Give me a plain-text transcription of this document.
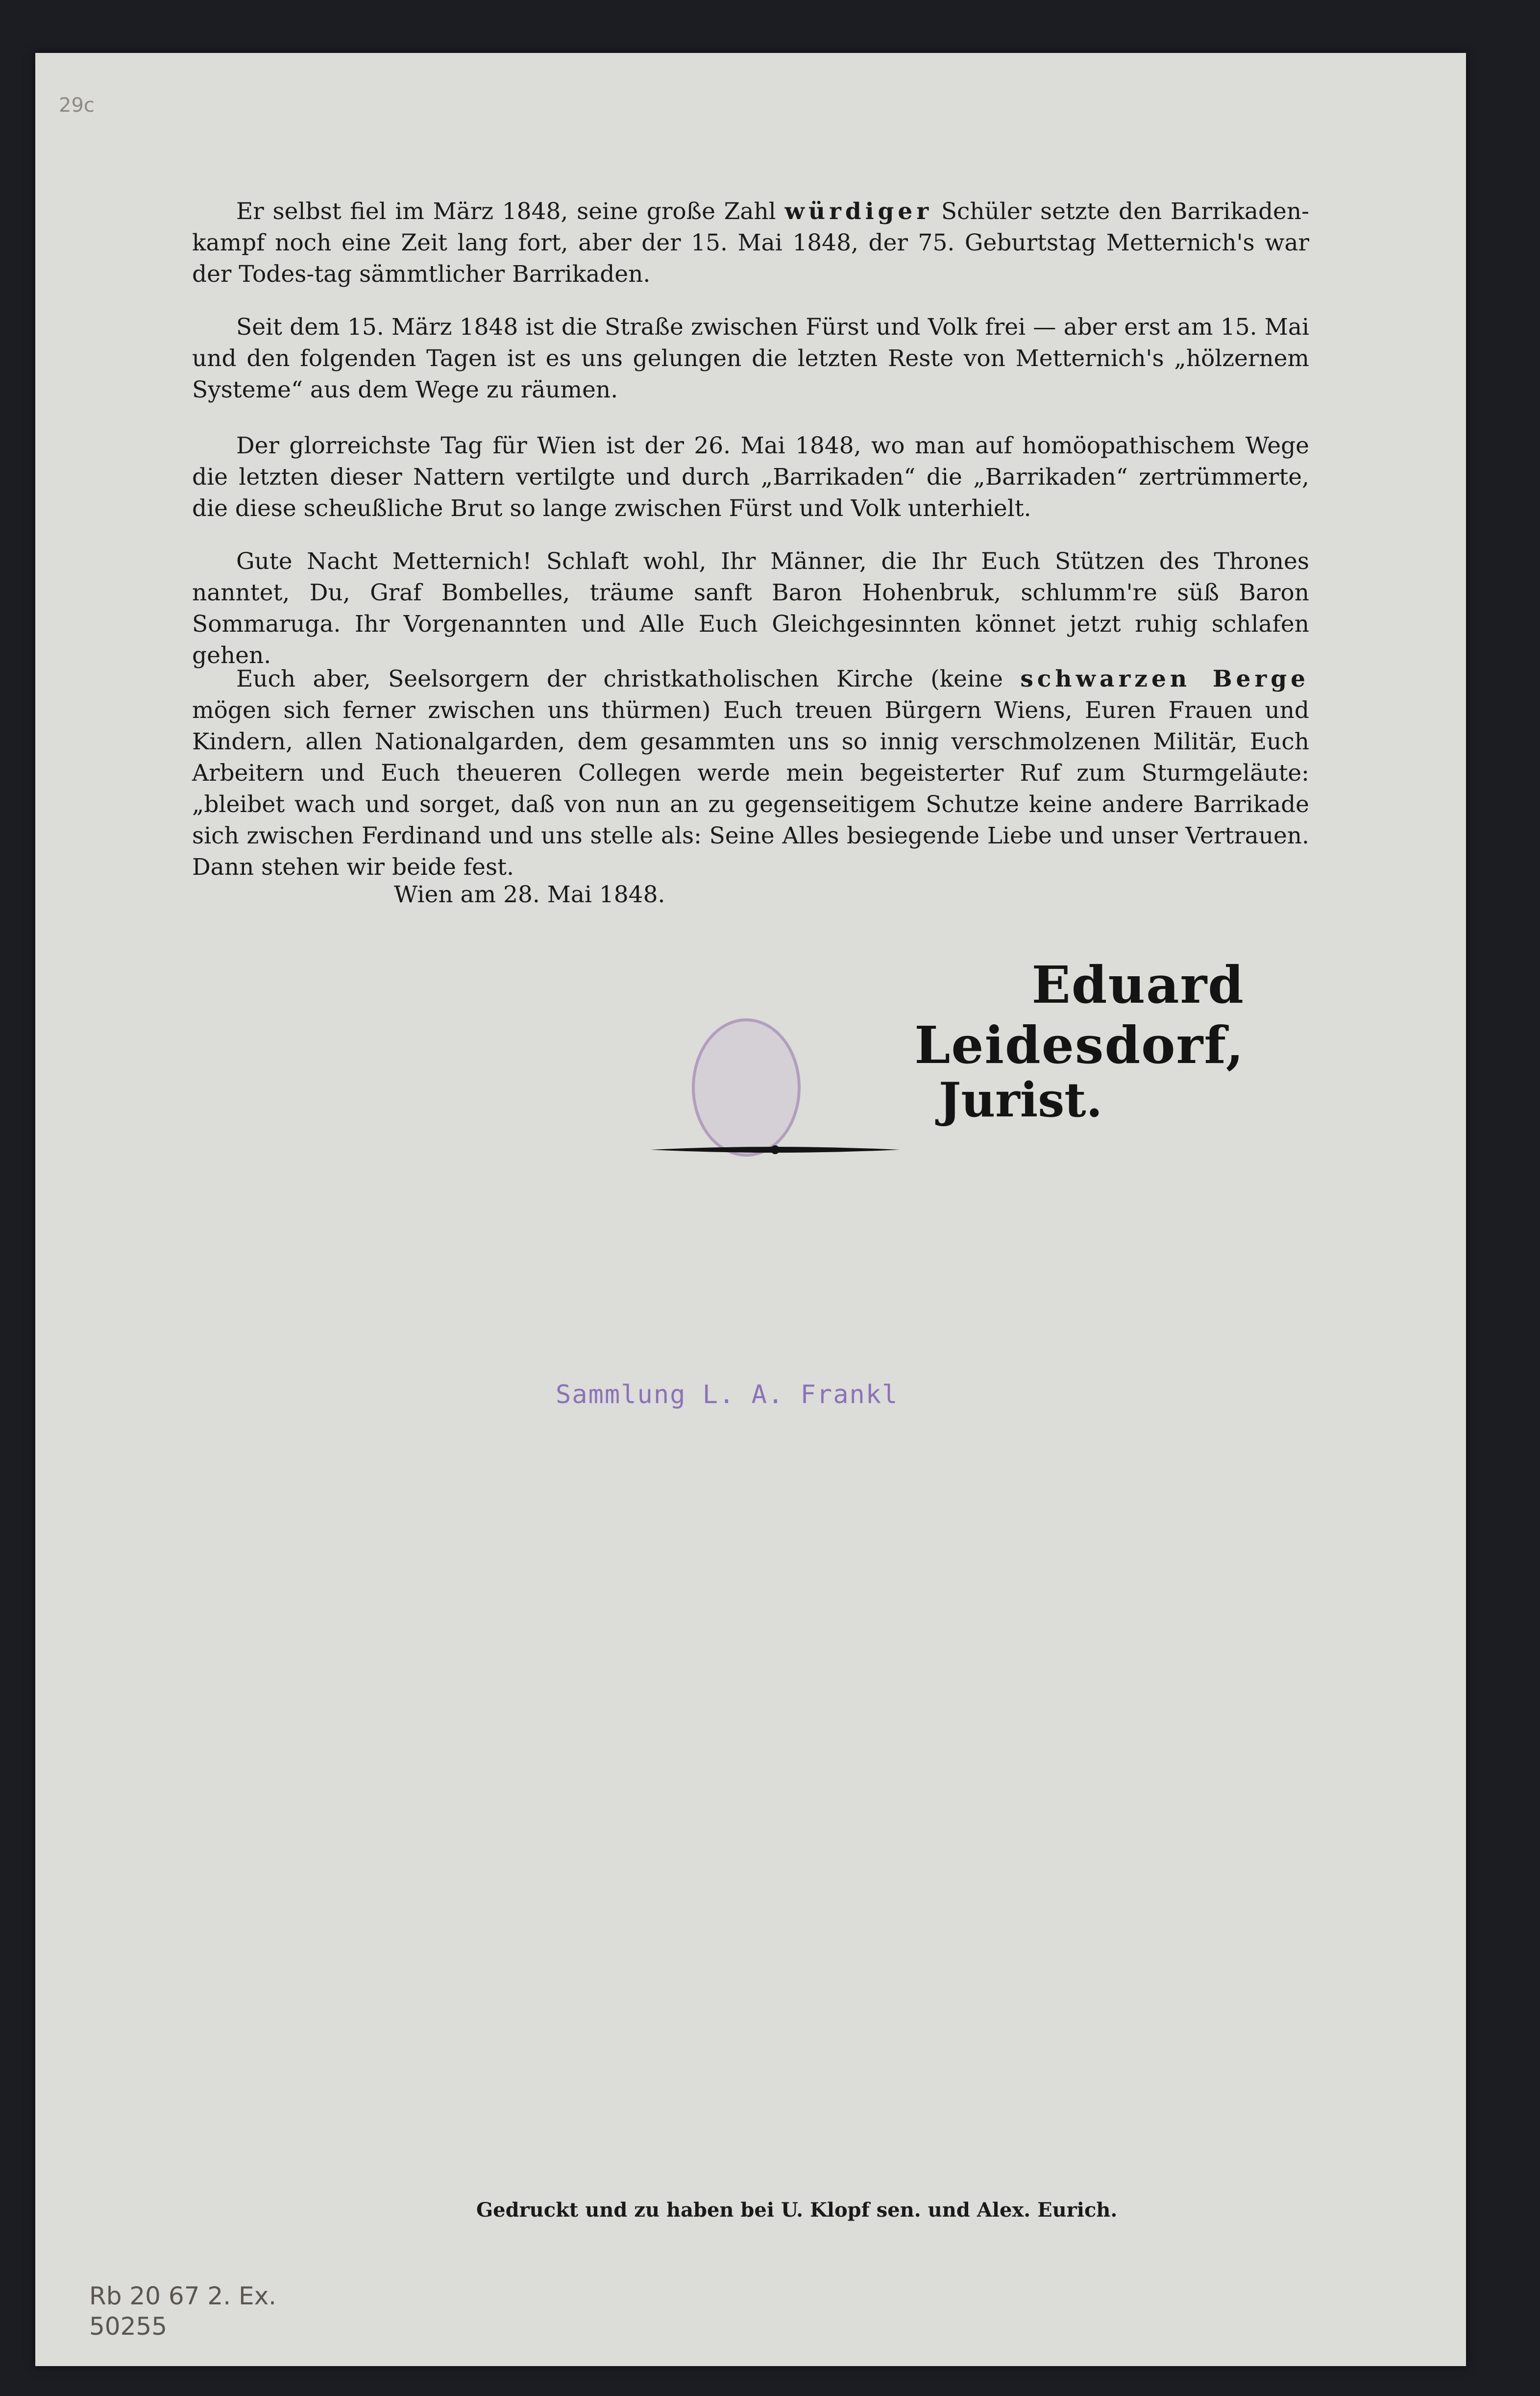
29c
Er selbst fiel im März 1848, seine große Zahl würdiger Schüler setzte den Barrikaden-kampf noch eine Zeit lang fort, aber der 15. Mai 1848, der 75. Geburtstag Metternich's war der Todes-tag sämmtlicher Barrikaden.
Seit dem 15. März 1848 ist die Straße zwischen Fürst und Volk frei — aber erst am 15. Mai und den folgenden Tagen ist es uns gelungen die letzten Reste von Metternich's „hölzernem Systeme“ aus dem Wege zu räumen.
Der glorreichste Tag für Wien ist der 26. Mai 1848, wo man auf homöopathischem Wege die letzten dieser Nattern vertilgte und durch „Barrikaden“ die „Barrikaden“ zertrümmerte, die diese scheußliche Brut so lange zwischen Fürst und Volk unterhielt.
Gute Nacht Metternich! Schlaft wohl, Ihr Männer, die Ihr Euch Stützen des Thrones nanntet, Du, Graf Bombelles, träume sanft Baron Hohenbruk, schlumm're süß Baron Sommaruga. Ihr Vorgenannten und Alle Euch Gleichgesinnten könnet jetzt ruhig schlafen gehen.
Euch aber, Seelsorgern der christkatholischen Kirche (keine schwarzen Berge mögen sich ferner zwischen uns thürmen) Euch treuen Bürgern Wiens, Euren Frauen und Kindern, allen Nationalgarden, dem gesammten uns so innig verschmolzenen Militär, Euch Arbeitern und Euch theueren Collegen werde mein begeisterter Ruf zum Sturmgeläute: „bleibet wach und sorget, daß von nun an zu gegenseitigem Schutze keine andere Barrikade sich zwischen Ferdinand und uns stelle als: Seine Alles besiegende Liebe und unser Vertrauen. Dann stehen wir beide fest.
Wien am 28. Mai 1848.
Eduard Leidesdorf,
Jurist.
Sammlung L. A. Frankl
Gedruckt und zu haben bei U. Klopf sen. und Alex. Eurich.
Rb 20 67 2. Ex.
50255
